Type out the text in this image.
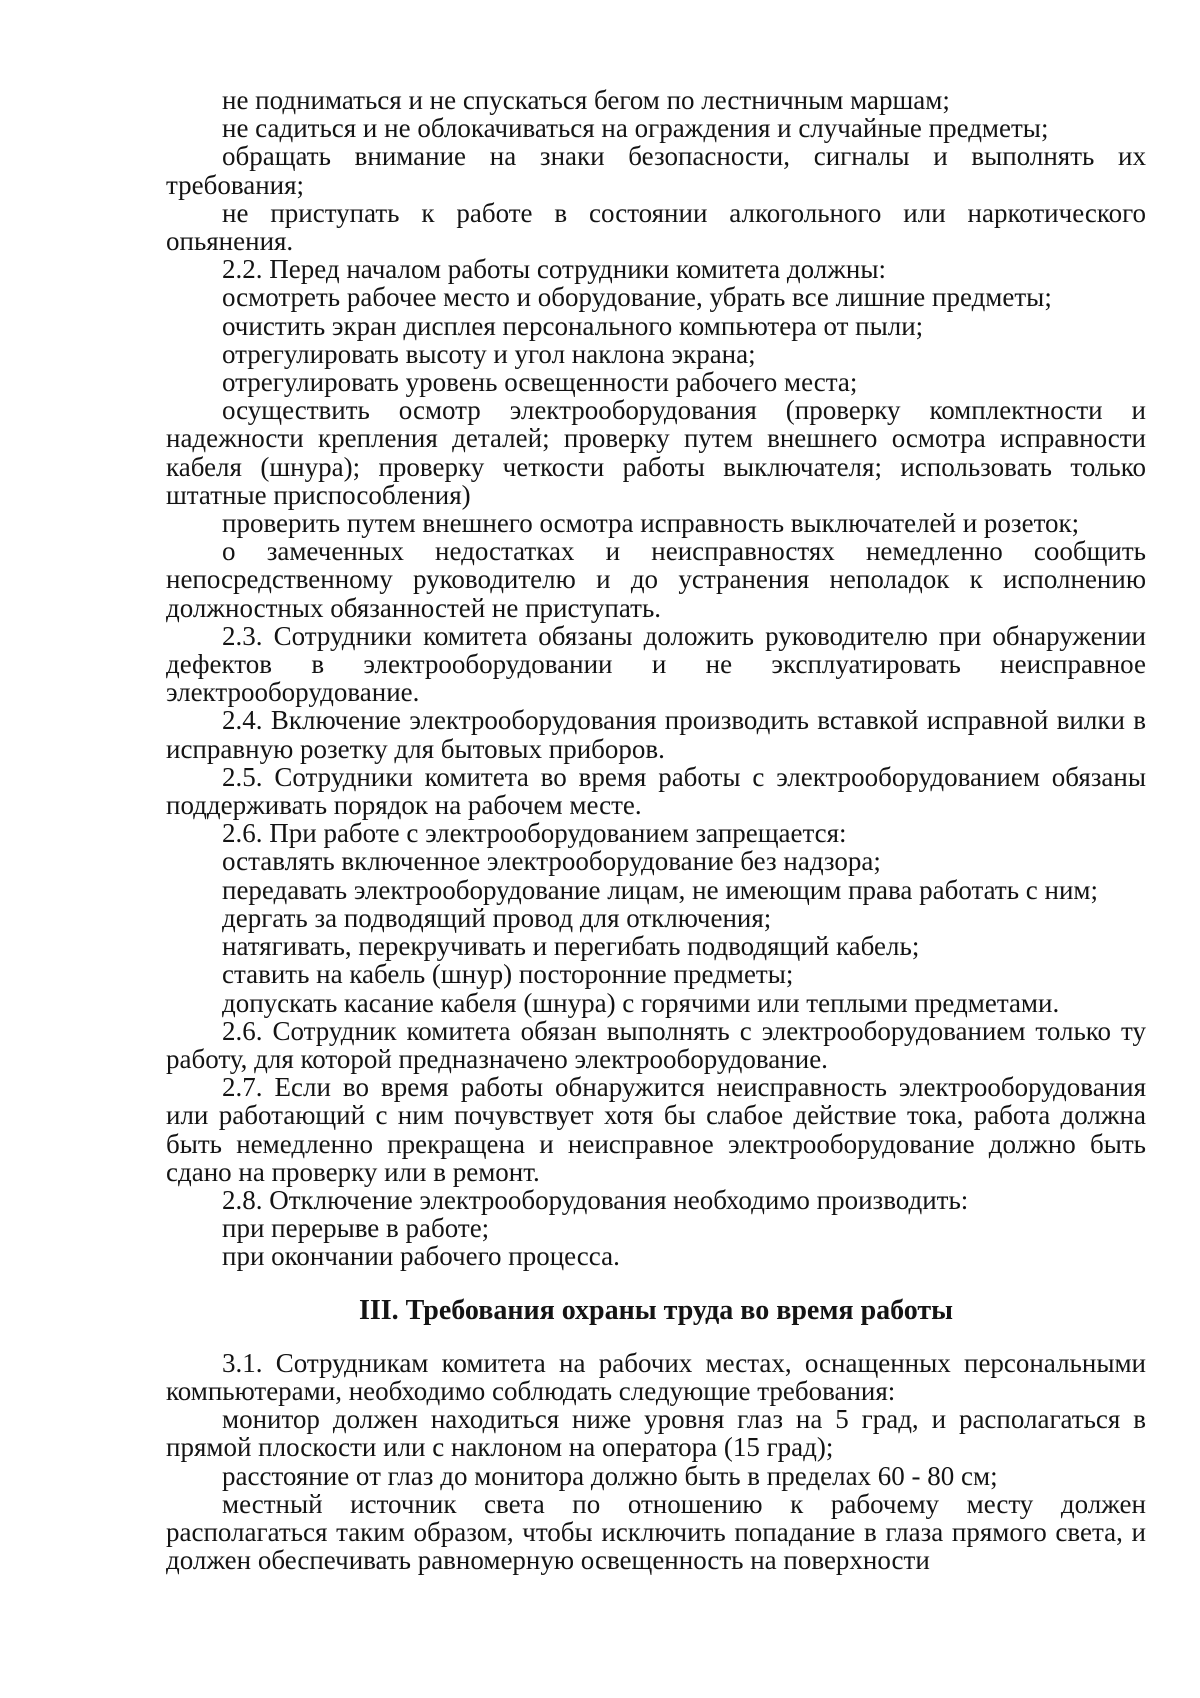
не подниматься и не спускаться бегом по лестничным маршам;

не садиться и не облокачиваться на ограждения и случайные предметы;

обращать внимание на знаки безопасности, сигналы и выполнять их требования;

не приступать к работе в состоянии алкогольного или наркотического опьянения.

2.2. Перед началом работы сотрудники комитета должны:

осмотреть рабочее место и оборудование, убрать все лишние предметы;

очистить экран дисплея персонального компьютера от пыли;

отрегулировать высоту и угол наклона экрана;

отрегулировать уровень освещенности рабочего места;

осуществить осмотр электрооборудования (проверку комплектности и надежности крепления деталей; проверку путем внешнего осмотра исправности кабеля (шнура); проверку четкости работы выключателя; использовать только штатные приспособления)

проверить путем внешнего осмотра исправность выключателей и розеток;

о замеченных недостатках и неисправностях немедленно сообщить непосредственному руководителю и до устранения неполадок к исполнению должностных обязанностей не приступать.

2.3. Сотрудники комитета обязаны доложить руководителю при обнаружении дефектов в электрооборудовании и не эксплуатировать неисправное электрооборудование.

2.4. Включение электрооборудования производить вставкой исправной вилки в исправную розетку для бытовых приборов.

2.5. Сотрудники комитета во время работы с электрооборудованием обязаны поддерживать порядок на рабочем месте.

2.6. При работе с электрооборудованием запрещается:

оставлять включенное электрооборудование без надзора;

передавать электрооборудование лицам, не имеющим права работать с ним;

дергать за подводящий провод для отключения;

натягивать, перекручивать и перегибать подводящий кабель;

ставить на кабель (шнур) посторонние предметы;

допускать касание кабеля (шнура) с горячими или теплыми предметами.

2.6. Сотрудник комитета обязан выполнять с электрооборудованием только ту работу, для которой предназначено электрооборудование.

2.7. Если во время работы обнаружится неисправность электрооборудования или работающий с ним почувствует хотя бы слабое действие тока, работа должна быть немедленно прекращена и неисправное электрооборудование должно быть сдано на проверку или в ремонт.

2.8. Отключение электрооборудования необходимо производить:

при перерыве в работе;

при окончании рабочего процесса.

III. Требования охраны труда во время работы

3.1. Сотрудникам комитета на рабочих местах, оснащенных персональными компьютерами, необходимо соблюдать следующие требования:

монитор должен находиться ниже уровня глаз на 5 град, и располагаться в прямой плоскости или с наклоном на оператора (15 град);

расстояние от глаз до монитора должно быть в пределах 60 - 80 см;

местный источник света по отношению к рабочему месту должен располагаться таким образом, чтобы исключить попадание в глаза прямого света, и должен обеспечивать равномерную освещенность на поверхности
